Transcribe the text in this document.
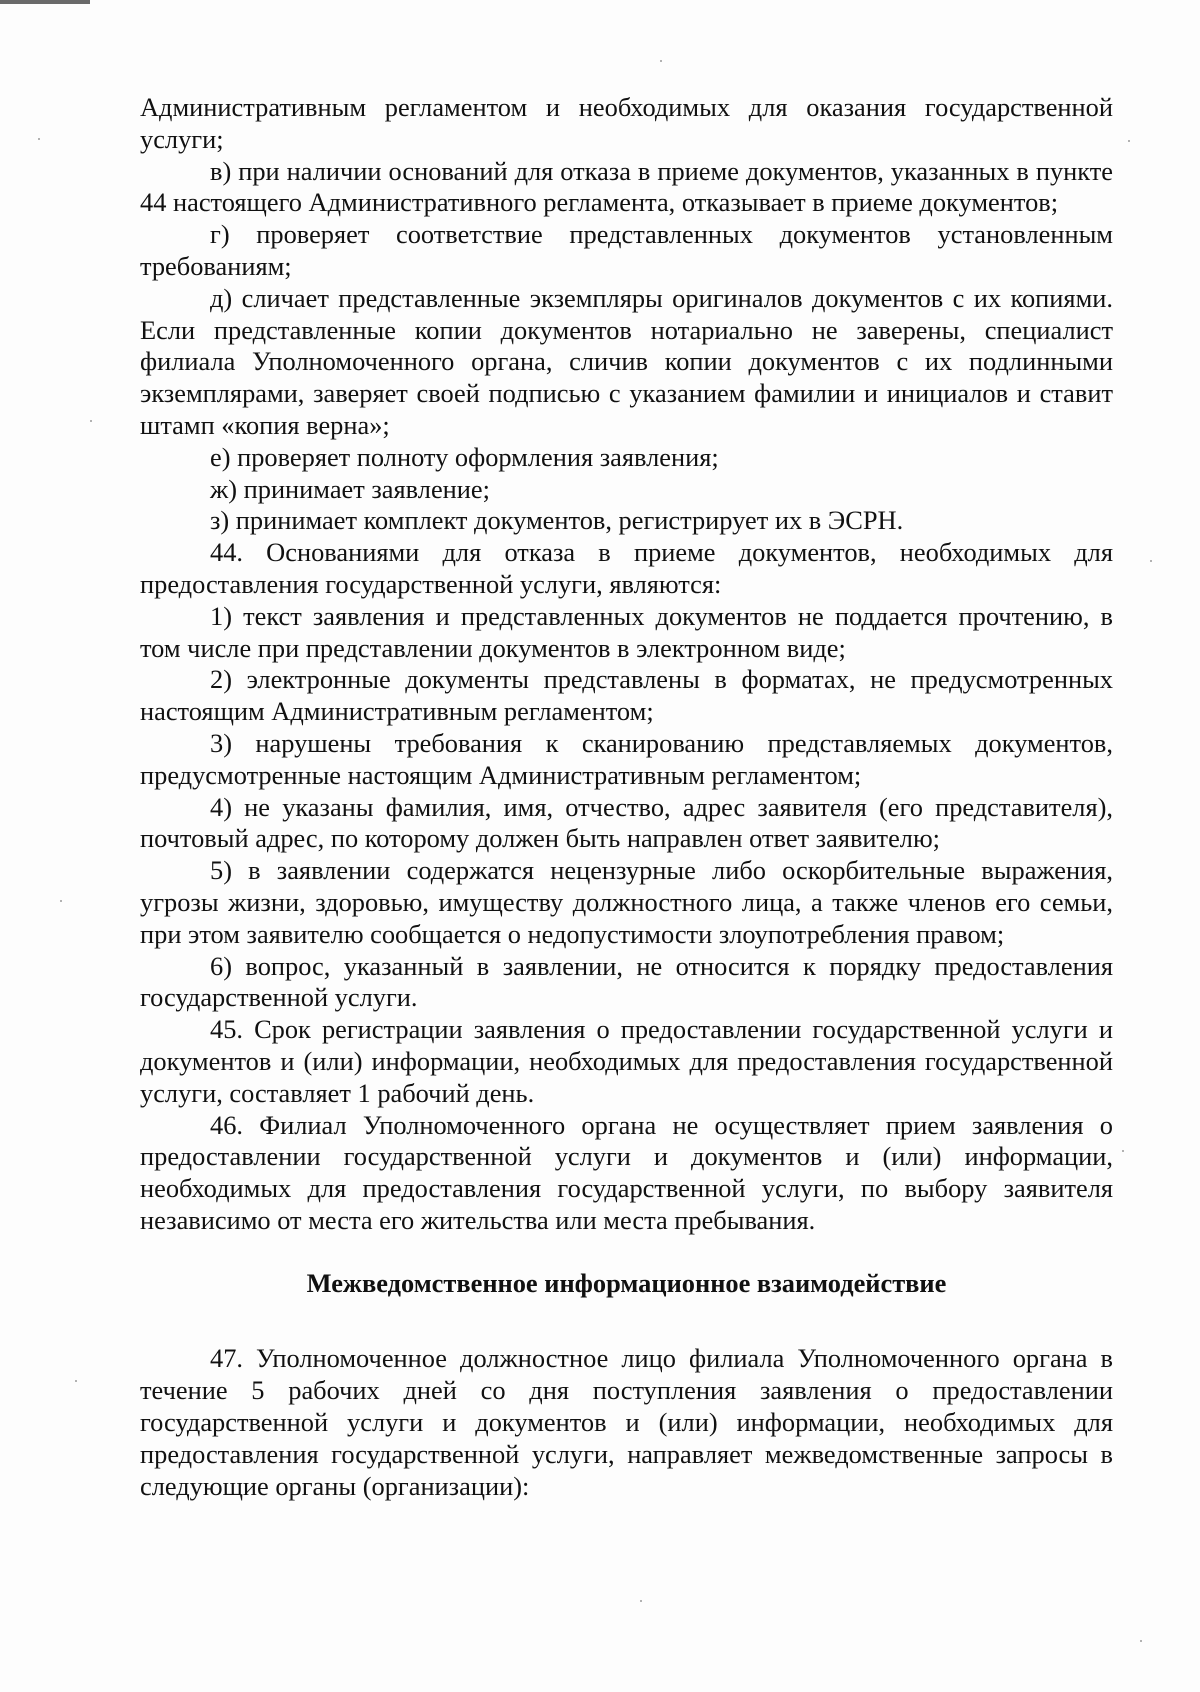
Административным регламентом и необходимых для оказания государственной услуги;

в) при наличии оснований для отказа в приеме документов, указанных в пункте 44 настоящего Административного регламента, отказывает в приеме документов;

г) проверяет соответствие представленных документов установленным требованиям;

д) сличает представленные экземпляры оригиналов документов с их копиями. Если представленные копии документов нотариально не заверены, специалист филиала Уполномоченного органа, сличив копии документов с их подлинными экземплярами, заверяет своей подписью с указанием фамилии и инициалов и ставит штамп «копия верна»;

е) проверяет полноту оформления заявления;

ж) принимает заявление;

з) принимает комплект документов, регистрирует их в ЭСРН.

44. Основаниями для отказа в приеме документов, необходимых для предоставления государственной услуги, являются:

1) текст заявления и представленных документов не поддается прочтению, в том числе при представлении документов в электронном виде;

2) электронные документы представлены в форматах, не предусмотренных настоящим Административным регламентом;

3) нарушены требования к сканированию представляемых документов, предусмотренные настоящим Административным регламентом;

4) не указаны фамилия, имя, отчество, адрес заявителя (его представителя), почтовый адрес, по которому должен быть направлен ответ заявителю;

5) в заявлении содержатся нецензурные либо оскорбительные выражения, угрозы жизни, здоровью, имуществу должностного лица, а также членов его семьи, при этом заявителю сообщается о недопустимости злоупотребления правом;

6) вопрос, указанный в заявлении, не относится к порядку предоставления государственной услуги.

45. Срок регистрации заявления о предоставлении государственной услуги и документов и (или) информации, необходимых для предоставления государственной услуги, составляет 1 рабочий день.

46. Филиал Уполномоченного органа не осуществляет прием заявления о предоставлении государственной услуги и документов и (или) информации, необходимых для предоставления государственной услуги, по выбору заявителя независимо от места его жительства или места пребывания.

Межведомственное информационное взаимодействие

47. Уполномоченное должностное лицо филиала Уполномоченного органа в течение 5 рабочих дней со дня поступления заявления о предоставлении государственной услуги и документов и (или) информации, необходимых для предоставления государственной услуги, направляет межведомственные запросы в следующие органы (организации):
